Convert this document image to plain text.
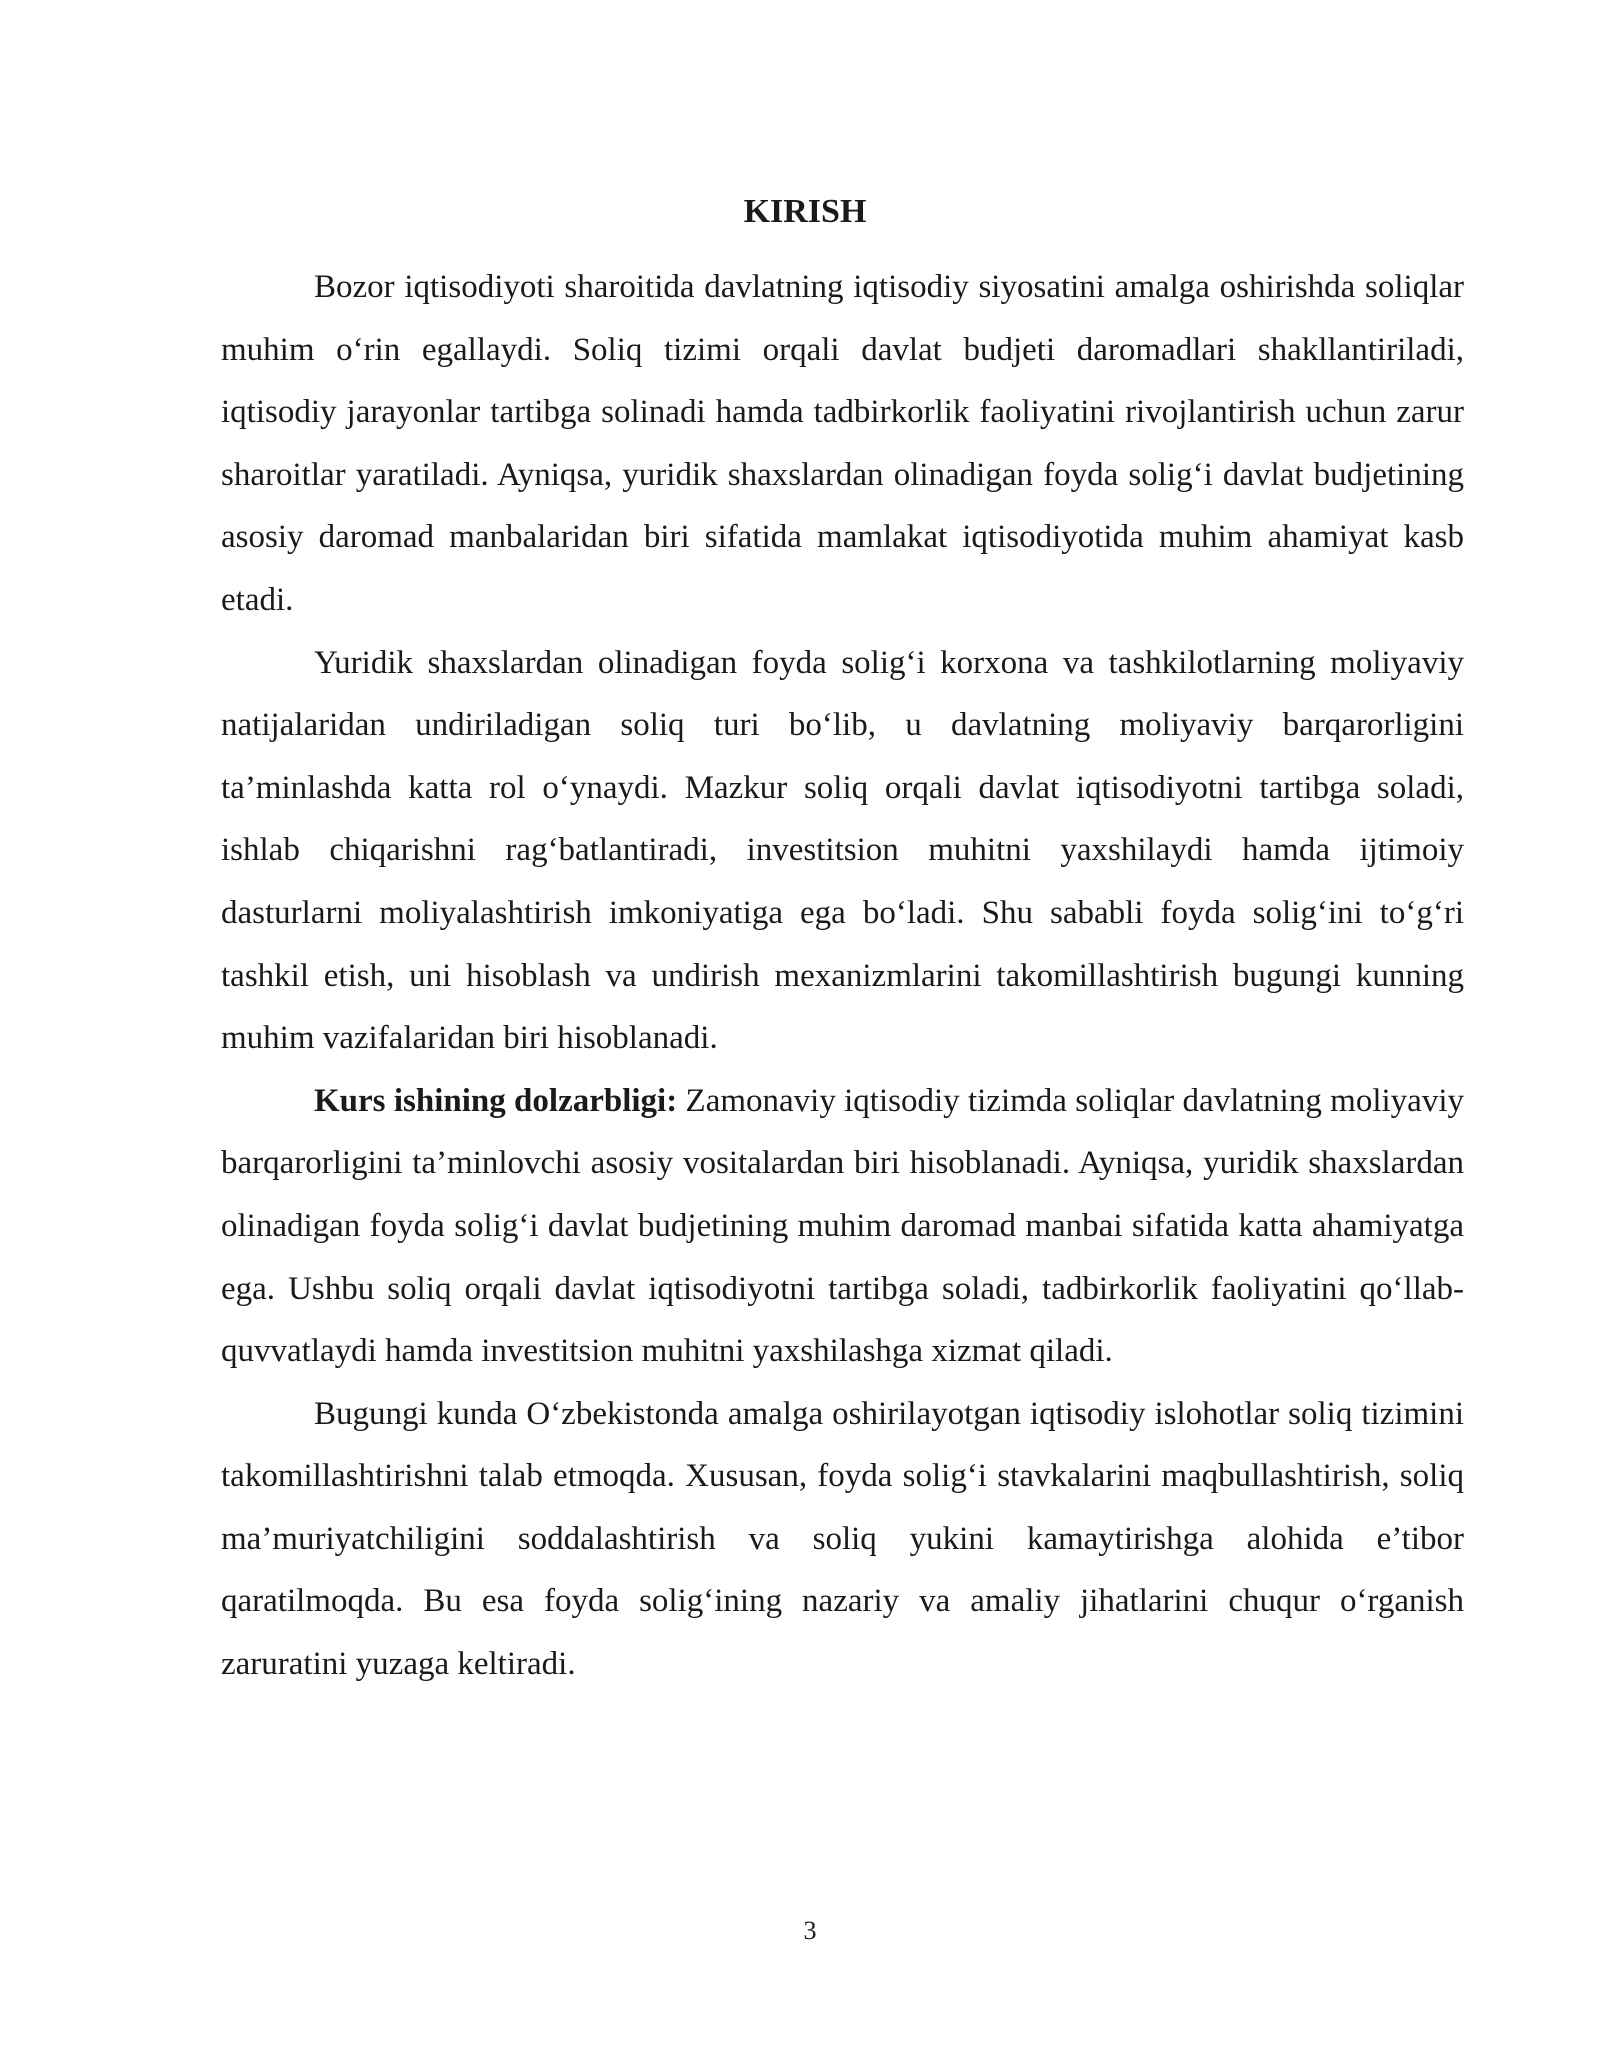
KIRISH

Bozor iqtisodiyoti sharoitida davlatning iqtisodiy siyosatini amalga oshirishda soliqlar muhim o‘rin egallaydi. Soliq tizimi orqali davlat budjeti daromadlari shakllantiriladi, iqtisodiy jarayonlar tartibga solinadi hamda tadbirkorlik faoliyatini rivojlantirish uchun zarur sharoitlar yaratiladi. Ayniqsa, yuridik shaxslardan olinadigan foyda solig‘i davlat budjetining asosiy daromad manbalaridan biri sifatida mamlakat iqtisodiyotida muhim ahamiyat kasb etadi.

Yuridik shaxslardan olinadigan foyda solig‘i korxona va tashkilotlarning moliyaviy natijalaridan undiriladigan soliq turi bo‘lib, u davlatning moliyaviy barqarorligini ta’minlashda katta rol o‘ynaydi. Mazkur soliq orqali davlat iqtisodiyotni tartibga soladi, ishlab chiqarishni rag‘batlantiradi, investitsion muhitni yaxshilaydi hamda ijtimoiy dasturlarni moliyalashtirish imkoniyatiga ega bo‘ladi. Shu sababli foyda solig‘ini to‘g‘ri tashkil etish, uni hisoblash va undirish mexanizmlarini takomillashtirish bugungi kunning muhim vazifalaridan biri hisoblanadi.

Kurs ishining dolzarbligi: Zamonaviy iqtisodiy tizimda soliqlar davlatning moliyaviy barqarorligini ta’minlovchi asosiy vositalardan biri hisoblanadi. Ayniqsa, yuridik shaxslardan olinadigan foyda solig‘i davlat budjetining muhim daromad manbai sifatida katta ahamiyatga ega. Ushbu soliq orqali davlat iqtisodiyotni tartibga soladi, tadbirkorlik faoliyatini qo‘llab-quvvatlaydi hamda investitsion muhitni yaxshilashga xizmat qiladi.

Bugungi kunda O‘zbekistonda amalga oshirilayotgan iqtisodiy islohotlar soliq tizimini takomillashtirishni talab etmoqda. Xususan, foyda solig‘i stavkalarini maqbullashtirish, soliq ma’muriyatchiligini soddalashtirish va soliq yukini kamaytirishga alohida e’tibor qaratilmoqda. Bu esa foyda solig‘ining nazariy va amaliy jihatlarini chuqur o‘rganish zaruratini yuzaga keltiradi.

3
